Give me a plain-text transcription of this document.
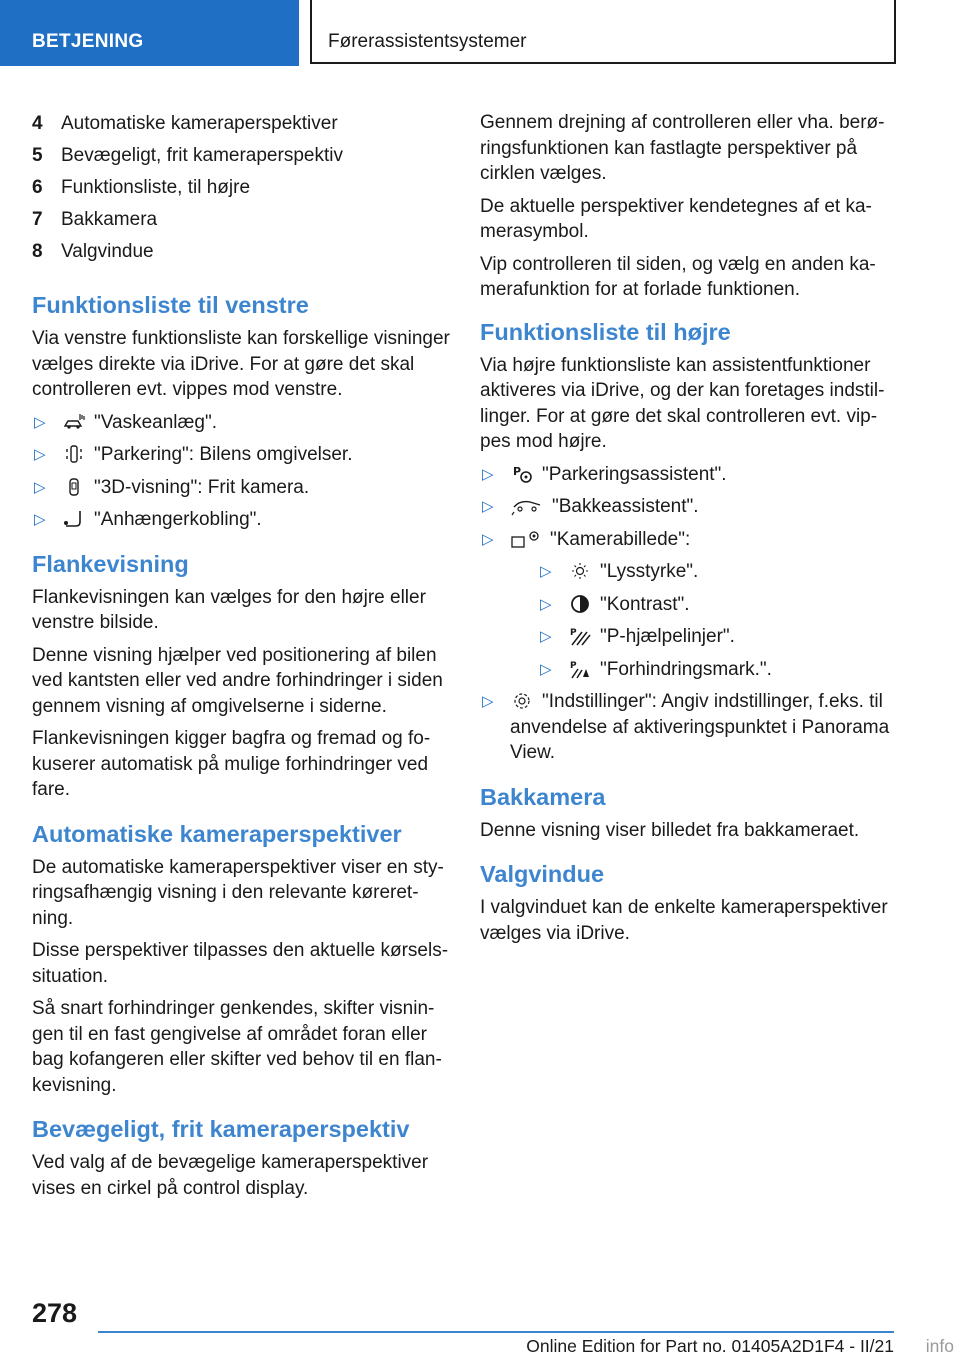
BETJENING	Førerassistentsystemer
4 Automatiske kameraperspektiver
5 Bevægeligt, frit kameraperspektiv
6 Funktionsliste, til højre
7 Bakkamera
8 Valgvindue
Funktionsliste til venstre

Via venstre funktionsliste kan forskellige visninger vælges direkte via iDrive. For at gøre det skal controlleren evt. vippes mod venstre.

▷	"Vaskeanlæg".
▷	"Parkering": Bilens omgivelser.
▷	"3D-visning": Frit kamera.
▷	"Anhængerkobling".
Flankevisning

Flankevisningen kan vælges for den højre eller venstre bilside.

Denne visning hjælper ved positionering af bilen ved kantsten eller ved andre forhindringer i siden gennem visning af omgivelserne i siderne.

Flankevisningen kigger bagfra og fremad og fokuserer automatisk på mulige forhindringer ved fare.

Automatiske kameraperspektiver

De automatiske kameraperspektiver viser en styringsafhængig visning i den relevante køreretning.

Disse perspektiver tilpasses den aktuelle kørselssituation.

Så snart forhindringer genkendes, skifter visningen til en fast gengivelse af området foran eller bag kofangeren eller skifter ved behov til en flankevisning.

Bevægeligt, frit kameraperspektiv

Ved valg af de bevægelige kameraperspektiver vises en cirkel på control display.

Gennem drejning af controlleren eller vha. berøringsfunktionen kan fastlagte perspektiver på cirklen vælges.

De aktuelle perspektiver kendetegnes af et kamerasymbol.

Vip controlleren til siden, og vælg en anden kamerafunktion for at forlade funktionen.

Funktionsliste til højre

Via højre funktionsliste kan assistentfunktioner aktiveres via iDrive, og der kan foretages indstillinger. For at gøre det skal controlleren evt. vippes mod højre.

▷ P "Parkeringsassistent".
▷	"Bakkeassistent".
▷	"Kamerabillede":
▷	"Lysstyrke".
▷	"Kontrast".
▷ P "P-hjælpelinjer".
▷ P "Forhindringsmark.".
▷	"Indstillinger": Angiv indstillinger, f.eks. til anvendelse af aktiveringspunktet i Panorama View.
Bakkamera

Denne visning viser billedet fra bakkameraet.

Valgvindue

I valgvinduet kan de enkelte kameraperspektiver vælges via iDrive.

278
Online Edition for Part no. 01405A2D1F4 - II/21 info
